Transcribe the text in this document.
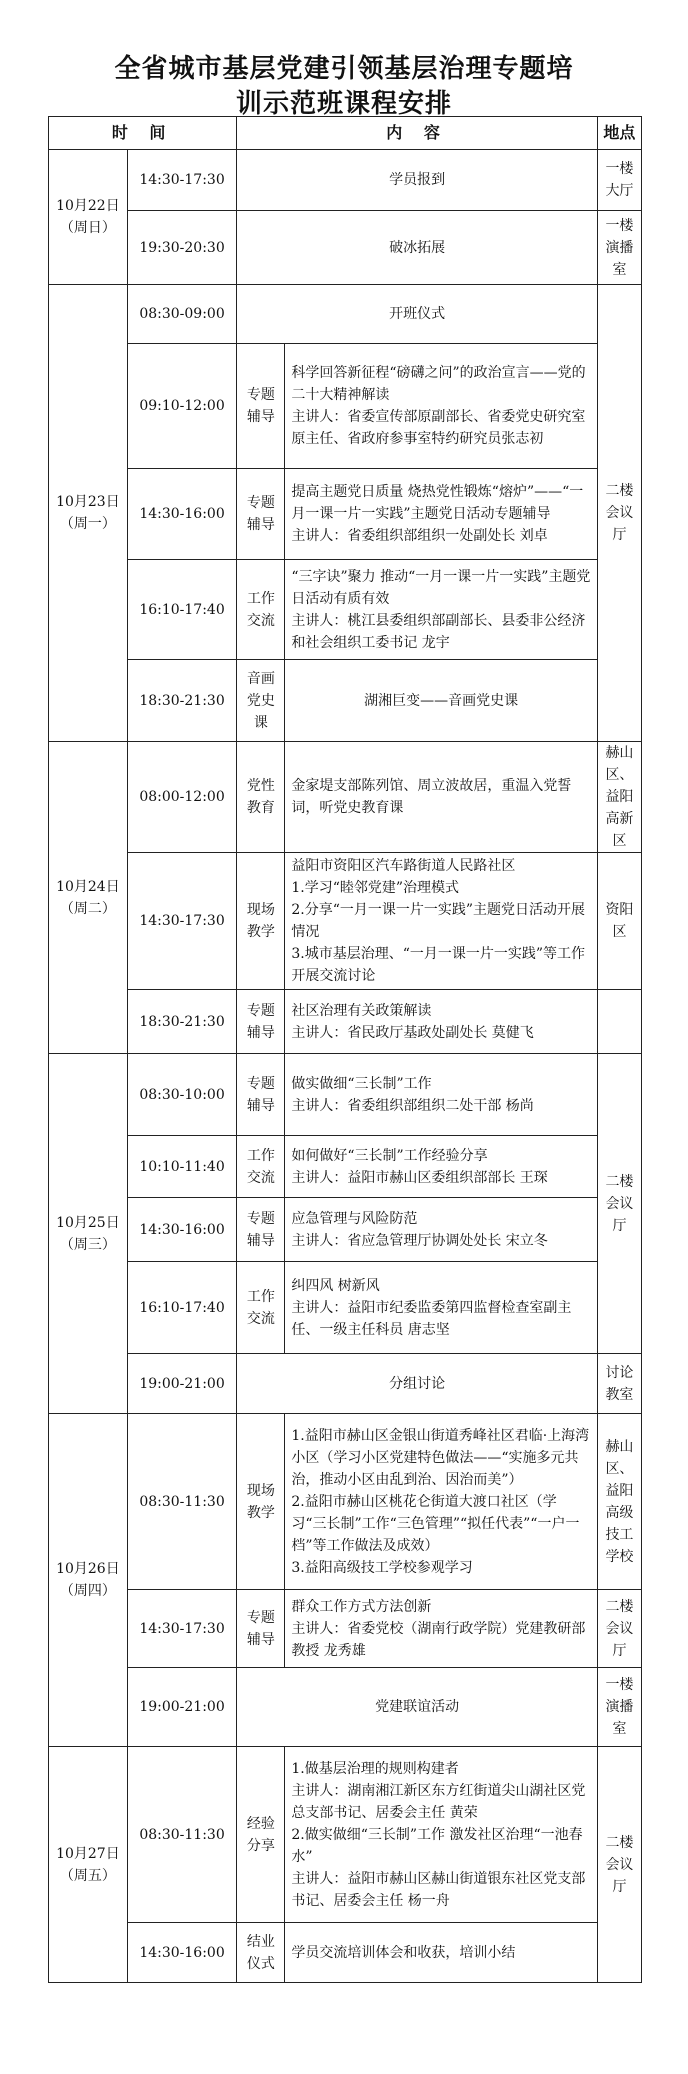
全省城市基层党建引领基层治理专题培
训示范班课程安排
时 间		内 容		地点
10月22日
（周日）	14:30-17:30	学员报到		一楼大厅
	19:30-20:30	破冰拓展		一楼演播室
10月23日
（周一）	08:30-09:00	开班仪式		二楼会议厅
	09:10-12:00	专题辅导	科学回答新征程“磅礴之问”的政治宣言——党的二十大精神解读
主讲人：省委宣传部原副部长、省委党史研究室原主任、省政府参事室特约研究员张志初	
	14:30-16:00	专题辅导	提高主题党日质量 烧热党性锻炼“熔炉”——“一月一课一片一实践”主题党日活动专题辅导
主讲人：省委组织部组织一处副处长 刘卓	
	16:10-17:40	工作交流	“三字诀”聚力 推动“一月一课一片一实践”主题党日活动有质有效
主讲人：桃江县委组织部副部长、县委非公经济和社会组织工委书记 龙宇	
	18:30-21:30	音画党史课	湖湘巨变——音画党史课	
10月24日
（周二）	08:00-12:00	党性教育	金家堤支部陈列馆、周立波故居，重温入党誓词，听党史教育课	赫山区、益阳高新区
	14:30-17:30	现场教学	益阳市资阳区汽车路街道人民路社区
1.学习“睦邻党建”治理模式
2.分享“一月一课一片一实践”主题党日活动开展情况
3.城市基层治理、“一月一课一片一实践”等工作开展交流讨论	资阳区
	18:30-21:30	专题辅导	社区治理有关政策解读
主讲人：省民政厅基政处副处长 莫健飞	
10月25日
（周三）	08:30-10:00	专题辅导	做实做细“三长制”工作
主讲人：省委组织部组织二处干部 杨尚	二楼会议厅
	10:10-11:40	工作交流	如何做好“三长制”工作经验分享
主讲人：益阳市赫山区委组织部部长 王琛	
	14:30-16:00	专题辅导	应急管理与风险防范
主讲人：省应急管理厅协调处处长 宋立冬	
	16:10-17:40	工作交流	纠四风 树新风
主讲人：益阳市纪委监委第四监督检查室副主任、一级主任科员 唐志坚	
	19:00-21:00	分组讨论		讨论教室
10月26日
（周四）	08:30-11:30	现场教学	1.益阳市赫山区金银山街道秀峰社区君临·上海湾小区（学习小区党建特色做法——“实施多元共治，推动小区由乱到治、因治而美”）
2.益阳市赫山区桃花仑街道大渡口社区（学习“三长制”工作“三色管理”“拟任代表”“一户一档”等工作做法及成效）
3.益阳高级技工学校参观学习	赫山区、益阳高级技工学校
	14:30-17:30	专题辅导	群众工作方式方法创新
主讲人：省委党校（湖南行政学院）党建教研部教授 龙秀雄	二楼会议厅
	19:00-21:00	党建联谊活动		一楼演播室
10月27日
（周五）	08:30-11:30	经验分享	1.做基层治理的规则构建者
主讲人：湖南湘江新区东方红街道尖山湖社区党总支部书记、居委会主任 黄荣
2.做实做细“三长制”工作 激发社区治理“一池春水”
主讲人：益阳市赫山区赫山街道银东社区党支部书记、居委会主任 杨一舟	二楼会议厅
	14:30-16:00	结业仪式	学员交流培训体会和收获，培训小结	
